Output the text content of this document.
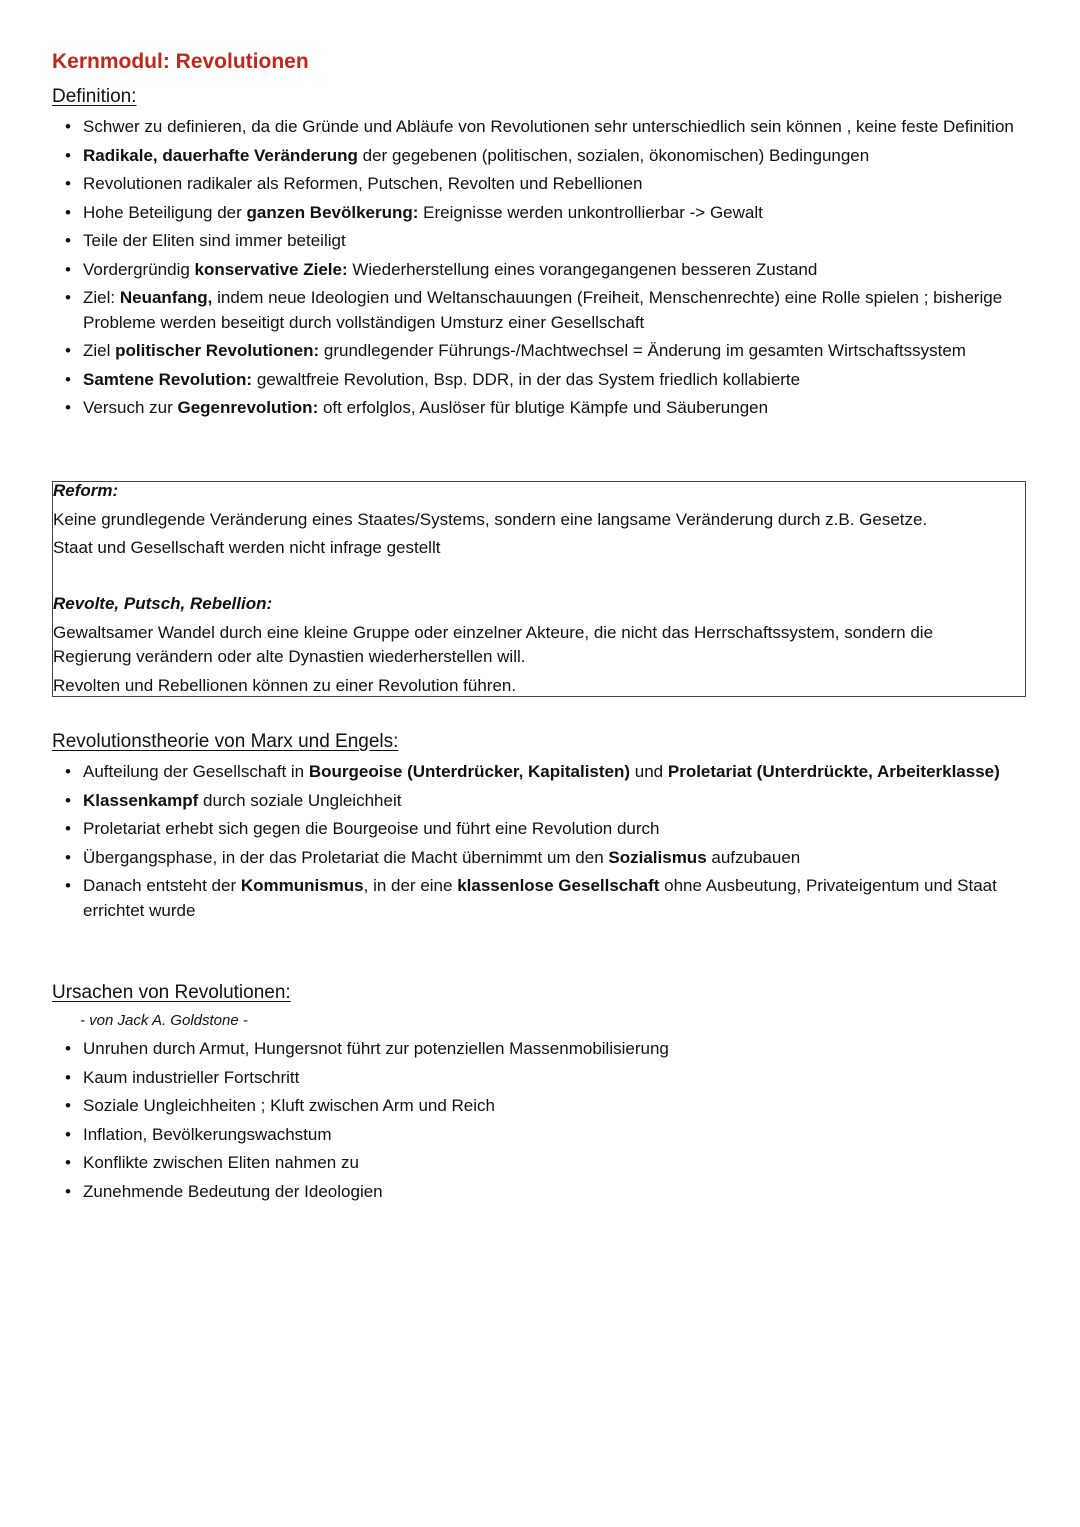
Kernmodul: Revolutionen
Definition:
• Schwer zu definieren, da die Gründe und Abläufe von Revolutionen sehr unterschiedlich sein können , keine feste Definition
• Radikale, dauerhafte Veränderung der gegebenen (politischen, sozialen, ökonomischen) Bedingungen
• Revolutionen radikaler als Reformen, Putschen, Revolten und Rebellionen
• Hohe Beteiligung der ganzen Bevölkerung: Ereignisse werden unkontrollierbar -> Gewalt
• Teile der Eliten sind immer beteiligt
• Vordergründig konservative Ziele: Wiederherstellung eines vorangegangenen besseren Zustand
• Ziel: Neuanfang, indem neue Ideologien und Weltanschauungen (Freiheit, Menschenrechte) eine Rolle spielen ; bisherige Probleme werden beseitigt durch vollständigen Umsturz einer Gesellschaft
• Ziel politischer Revolutionen: grundlegender Führungs-/Machtwechsel = Änderung im gesamten Wirtschaftssystem
• Samtene Revolution: gewaltfreie Revolution, Bsp. DDR, in der das System friedlich kollabierte
• Versuch zur Gegenrevolution: oft erfolglos, Auslöser für blutige Kämpfe und Säuberungen

Reform:

Keine grundlegende Veränderung eines Staates/Systems, sondern eine langsame Veränderung durch z.B. Gesetze.

Staat und Gesellschaft werden nicht infrage gestellt

Revolte, Putsch, Rebellion:

Gewaltsamer Wandel durch eine kleine Gruppe oder einzelner Akteure, die nicht das Herrschaftssystem, sondern die Regierung verändern oder alte Dynastien wiederherstellen will.

Revolten und Rebellionen können zu einer Revolution führen.

Revolutionstheorie von Marx und Engels:
• Aufteilung der Gesellschaft in Bourgeoise (Unterdrücker, Kapitalisten) und Proletariat (Unterdrückte, Arbeiterklasse)
• Klassenkampf durch soziale Ungleichheit
• Proletariat erhebt sich gegen die Bourgeoise und führt eine Revolution durch
• Übergangsphase, in der das Proletariat die Macht übernimmt um den Sozialismus aufzubauen
• Danach entsteht der Kommunismus, in der eine klassenlose Gesellschaft ohne Ausbeutung, Privateigentum und Staat errichtet wurde
Ursachen von Revolutionen:

- von Jack A. Goldstone -

• Unruhen durch Armut, Hungersnot führt zur potenziellen Massenmobilisierung
• Kaum industrieller Fortschritt
• Soziale Ungleichheiten ; Kluft zwischen Arm und Reich
• Inflation, Bevölkerungswachstum
• Konflikte zwischen Eliten nahmen zu
• Zunehmende Bedeutung der Ideologien
